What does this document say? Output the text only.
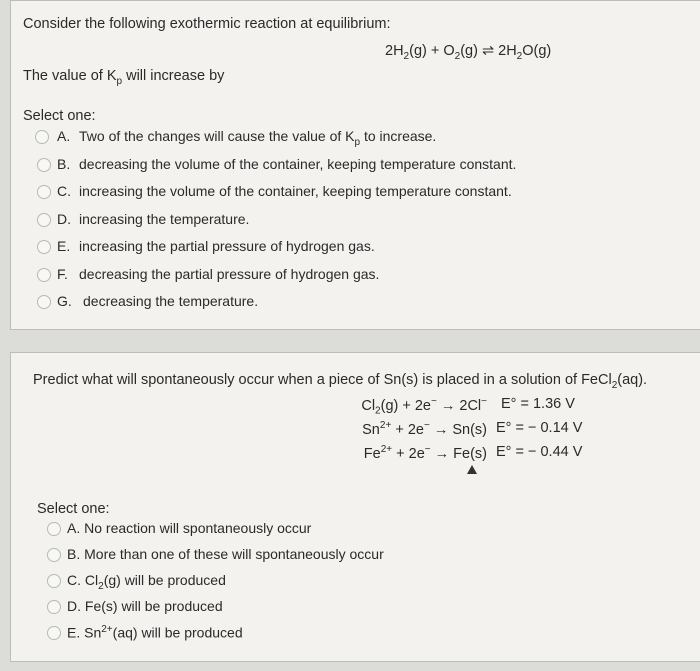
Consider the following exothermic reaction at equilibrium:
$2H_2(g) + O_2(g)$ ⇌ $2H_2O(g)$
The value of $K_p$ will increase by
Select one:
A. Two of the changes will cause the value of $K_p$ to increase.
B. decreasing the volume of the container, keeping temperature constant.
C. increasing the volume of the container, keeping temperature constant.
D. increasing the temperature.
E. increasing the partial pressure of hydrogen gas.
F. decreasing the partial pressure of hydrogen gas.
G. decreasing the temperature.
Predict what will spontaneously occur when a piece of Sn(s) is placed in a solution of FeCl$_2$(aq).
$Cl_2(g) + 2e^- \to 2Cl^-$ E° = 1.36 V
$Sn^{2+} + 2e^- \to Sn(s) E^\circ$ = − 0.14 V
$Fe^{2+} + 2e^- \to Fe(s) E^\circ$ = − 0.44 V
Select one:
A. No reaction will spontaneously occur
B. More than one of these will spontaneously occur
C. $Cl_2(g)$ will be produced
D. Fe(s) will be produced
E. $Sn^{2+}(aq)$ will be produced
